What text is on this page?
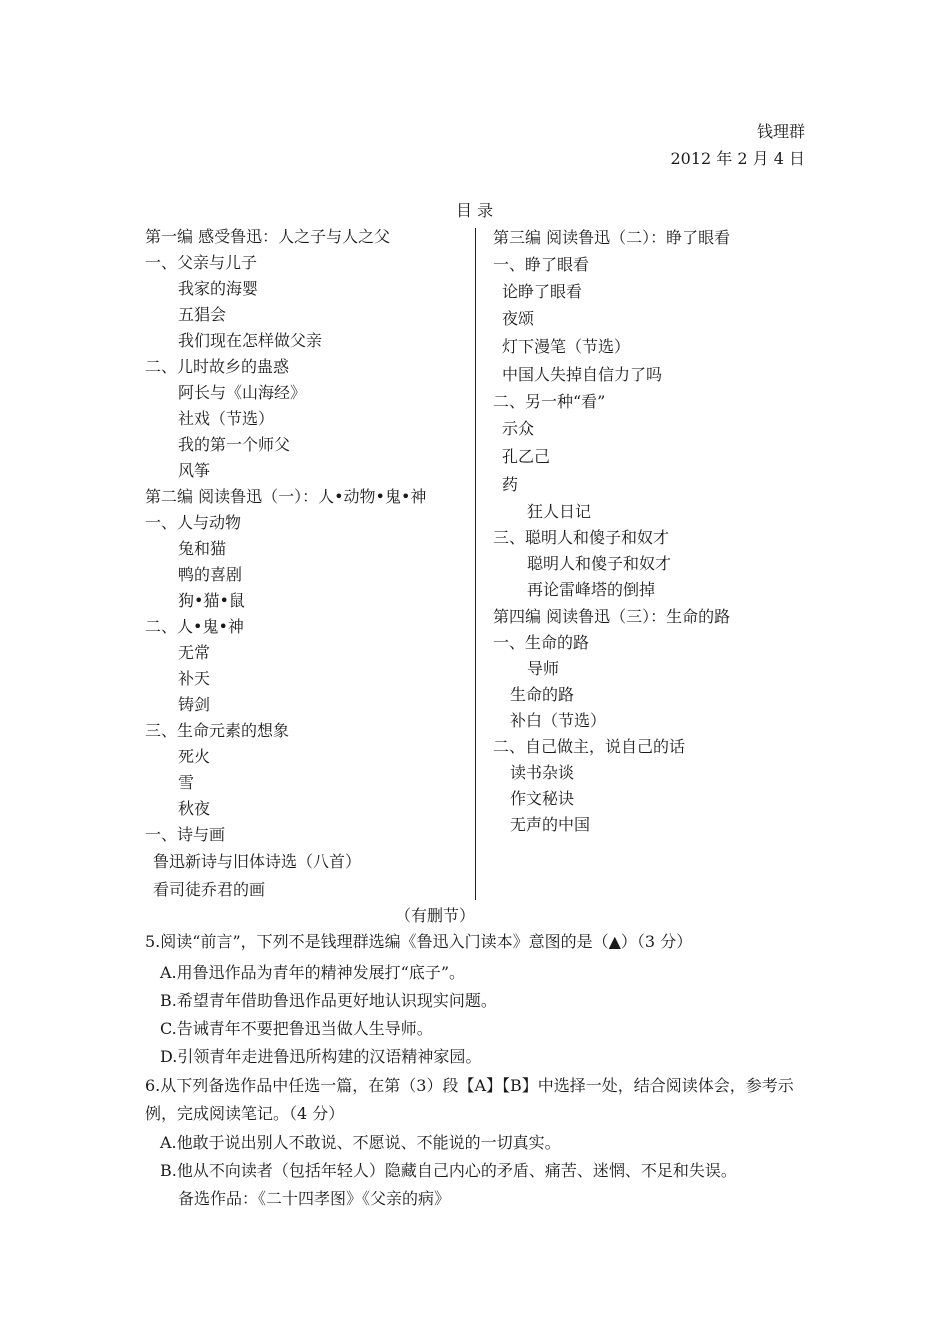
钱理群
2012 年 2 月 4 日
目 录
第一编 感受鲁迅：人之子与人之父
一、父亲与儿子
我家的海婴
五猖会
我们现在怎样做父亲
二、儿时故乡的蛊惑
阿长与《山海经》
社戏（节选）
我的第一个师父
风筝
第二编 阅读鲁迅（一）：人•动物•鬼•神
一、人与动物
兔和猫
鸭的喜剧
狗•猫•鼠
二、人•鬼•神
无常
补天
铸剑
三、生命元素的想象
死火
雪
秋夜
一、诗与画
鲁迅新诗与旧体诗选（八首）
看司徒乔君的画
第三编 阅读鲁迅（二）：睁了眼看
一、睁了眼看
论睁了眼看
夜颂
灯下漫笔（节选）
中国人失掉自信力了吗
二、另一种“看”
示众
孔乙己
药
狂人日记
三、聪明人和傻子和奴才
聪明人和傻子和奴才
再论雷峰塔的倒掉
第四编 阅读鲁迅（三）：生命的路
一、生命的路
导师
生命的路
补白（节选）
二、自己做主，说自己的话
读书杂谈
作文秘诀
无声的中国
（有删节）
5.阅读“前言”，下列不是钱理群选编《鲁迅入门读本》意图的是（▲）（3 分）
A.用鲁迅作品为青年的精神发展打“底子”。
B.希望青年借助鲁迅作品更好地认识现实问题。
C.告诫青年不要把鲁迅当做人生导师。
D.引领青年走进鲁迅所构建的汉语精神家园。
6.从下列备选作品中任选一篇，在第（3）段【A】【B】中选择一处，结合阅读体会，参考示
例，完成阅读笔记。（4 分）
A.他敢于说出别人不敢说、不愿说、不能说的一切真实。
B.他从不向读者（包括年轻人）隐藏自己内心的矛盾、痛苦、迷惘、不足和失误。
备选作品：《二十四孝图》《父亲的病》
